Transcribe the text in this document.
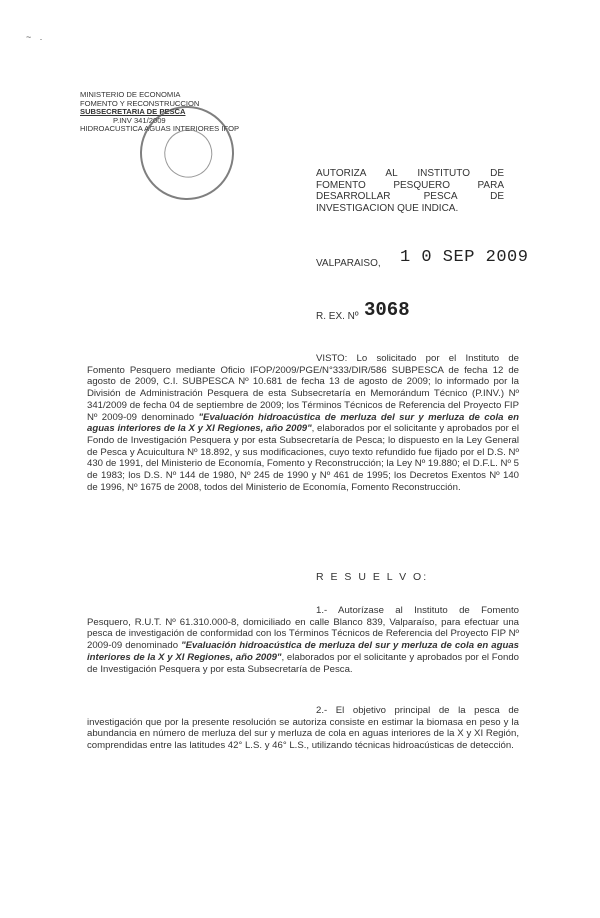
~ .
MINISTERIO DE ECONOMIA
FOMENTO Y RECONSTRUCCION
SUBSECRETARIA DE PESCA
P.INV 341/2009
HIDROACUSTICA AGUAS INTERIORES IFOP
AUTORIZA AL INSTITUTO DE FOMENTO PESQUERO PARA DESARROLLAR PESCA DE INVESTIGACION QUE INDICA.
VALPARAISO, 1 0 SEP 2009
R. EX. Nº 3068
VISTO: Lo solicitado por el Instituto de Fomento Pesquero mediante Oficio IFOP/2009/PGE/N°333/DIR/586 SUBPESCA de fecha 12 de agosto de 2009, C.I. SUBPESCA Nº 10.681 de fecha 13 de agosto de 2009; lo informado por la División de Administración Pesquera de esta Subsecretaría en Memorándum Técnico (P.INV.) Nº 341/2009 de fecha 04 de septiembre de 2009; los Términos Técnicos de Referencia del Proyecto FIP Nº 2009-09 denominado "Evaluación hidroacústica de merluza del sur y merluza de cola en aguas interiores de la X y XI Regiones, año 2009", elaborados por el solicitante y aprobados por el Fondo de Investigación Pesquera y por esta Subsecretaría de Pesca; lo dispuesto en la Ley General de Pesca y Acuicultura Nº 18.892, y sus modificaciones, cuyo texto refundido fue fijado por el D.S. Nº 430 de 1991, del Ministerio de Economía, Fomento y Reconstrucción; la Ley Nº 19.880; el D.F.L. Nº 5 de 1983; los D.S. Nº 144 de 1980, Nº 245 de 1990 y Nº 461 de 1995; los Decretos Exentos Nº 140 de 1996, Nº 1675 de 2008, todos del Ministerio de Economía, Fomento Reconstrucción.
R E S U E L V O:
1.- Autorízase al Instituto de Fomento Pesquero, R.U.T. Nº 61.310.000-8, domiciliado en calle Blanco 839, Valparaíso, para efectuar una pesca de investigación de conformidad con los Términos Técnicos de Referencia del Proyecto FIP Nº 2009-09 denominado "Evaluación hidroacústica de merluza del sur y merluza de cola en aguas interiores de la X y XI Regiones, año 2009", elaborados por el solicitante y aprobados por el Fondo de Investigación Pesquera y por esta Subsecretaría de Pesca.
2.- El objetivo principal de la pesca de investigación que por la presente resolución se autoriza consiste en estimar la biomasa en peso y la abundancia en número de merluza del sur y merluza de cola en aguas interiores de la X y XI Región, comprendidas entre las latitudes 42° L.S. y 46° L.S., utilizando técnicas hidroacústicas de detección.
